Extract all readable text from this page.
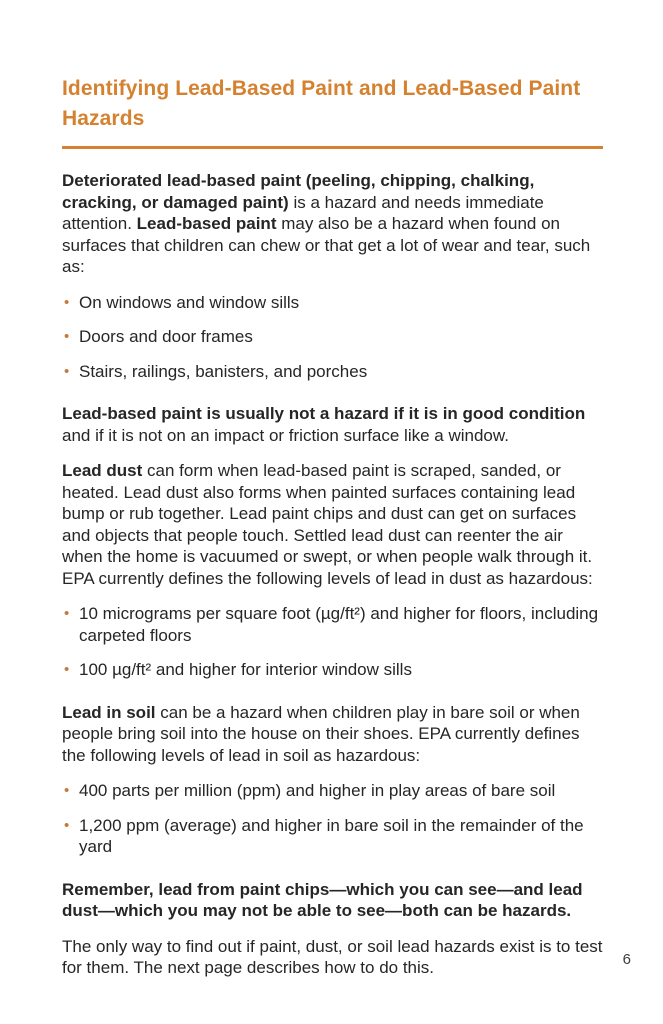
Identifying Lead-Based Paint and Lead-Based Paint Hazards

Deteriorated lead-based paint (peeling, chipping, chalking, cracking, or damaged paint) is a hazard and needs immediate attention. Lead-based paint may also be a hazard when found on surfaces that children can chew or that get a lot of wear and tear, such as:

On windows and window sills
Doors and door frames
Stairs, railings, banisters, and porches

Lead-based paint is usually not a hazard if it is in good condition and if it is not on an impact or friction surface like a window.

Lead dust can form when lead-based paint is scraped, sanded, or heated. Lead dust also forms when painted surfaces containing lead bump or rub together. Lead paint chips and dust can get on surfaces and objects that people touch. Settled lead dust can reenter the air when the home is vacuumed or swept, or when people walk through it. EPA currently defines the following levels of lead in dust as hazardous:

10 micrograms per square foot (µg/ft²) and higher for floors, including carpeted floors
100 µg/ft² and higher for interior window sills

Lead in soil can be a hazard when children play in bare soil or when people bring soil into the house on their shoes. EPA currently defines the following levels of lead in soil as hazardous:

400 parts per million (ppm) and higher in play areas of bare soil
1,200 ppm (average) and higher in bare soil in the remainder of the yard

Remember, lead from paint chips—which you can see—and lead dust—which you may not be able to see—both can be hazards.

The only way to find out if paint, dust, or soil lead hazards exist is to test for them. The next page describes how to do this.	6
